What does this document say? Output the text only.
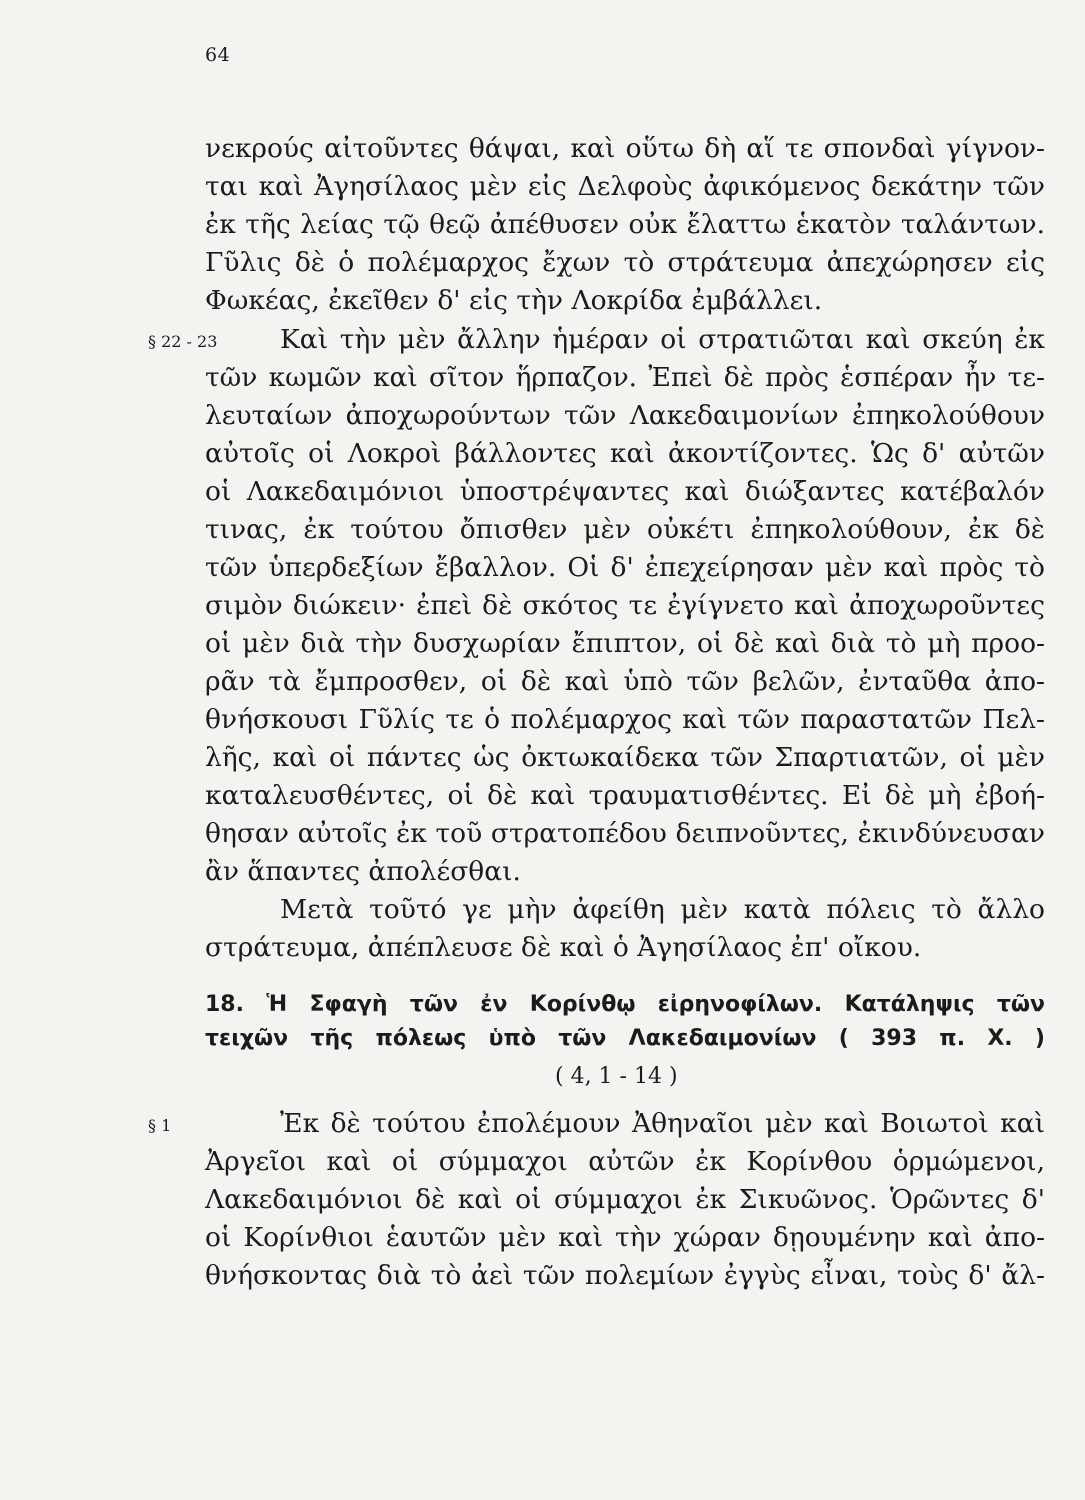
64
νεκρούς αἰτοῦντες θάψαι, καὶ οὕτω δὴ αἵ τε σπονδαὶ γίγνον-
ται καὶ Ἀγησίλαος μὲν εἰς Δελφοὺς ἀφικόμενος δεκάτην τῶν
ἐκ τῆς λείας τῷ θεῷ ἀπέθυσεν οὐκ ἔλαττω ἑκατὸν ταλάντων.
Γῦλις δὲ ὁ πολέμαρχος ἔχων τὸ στράτευμα ἀπεχώρησεν εἰς
Φωκέας, ἐκεῖθεν δ' εἰς τὴν Λοκρίδα ἐμβάλλει.
§ 22 - 23 Καὶ τὴν μὲν ἄλλην ἡμέραν οἱ στρατιῶται καὶ σκεύη ἐκ
τῶν κωμῶν καὶ σῖτον ἥρπαζον. Ἐπεὶ δὲ πρὸς ἑσπέραν ἦν τε-
λευταίων ἀποχωρούντων τῶν Λακεδαιμονίων ἐπηκολούθουν
αὐτοῖς οἱ Λοκροὶ βάλλοντες καὶ ἀκοντίζοντες. Ὡς δ' αὐτῶν
οἱ Λακεδαιμόνιοι ὑποστρέψαντες καὶ διώξαντες κατέβαλόν
τινας, ἐκ τούτου ὄπισθεν μὲν οὐκέτι ἐπηκολούθουν, ἐκ δὲ
τῶν ὑπερδεξίων ἔβαλλον. Οἱ δ' ἐπεχείρησαν μὲν καὶ πρὸς τὸ
σιμὸν διώκειν· ἐπεὶ δὲ σκότος τε ἐγίγνετο καὶ ἀποχωροῦντες
οἱ μὲν διὰ τὴν δυσχωρίαν ἔπιπτον, οἱ δὲ καὶ διὰ τὸ μὴ προο-
ρᾶν τὰ ἔμπροσθεν, οἱ δὲ καὶ ὑπὸ τῶν βελῶν, ἐνταῦθα ἀπο-
θνήσκουσι Γῦλίς τε ὁ πολέμαρχος καὶ τῶν παραστατῶν Πελ-
λῆς, καὶ οἱ πάντες ὡς ὀκτωκαίδεκα τῶν Σπαρτιατῶν, οἱ μὲν
καταλευσθέντες, οἱ δὲ καὶ τραυματισθέντες. Εἰ δὲ μὴ ἐβοή-
θησαν αὐτοῖς ἐκ τοῦ στρατοπέδου δειπνοῦντες, ἐκινδύνευσαν
ἂν ἅπαντες ἀπολέσθαι.
Μετὰ τοῦτό γε μὴν ἀφείθη μὲν κατὰ πόλεις τὸ ἄλλο
στράτευμα, ἀπέπλευσε δὲ καὶ ὁ Ἀγησίλαος ἐπ' οἴκου.
18. Ἡ Σφαγὴ τῶν ἐν Κορίνθῳ εἰρηνοφίλων. Κατάληψις τῶν
τειχῶν τῆς πόλεως ὑπὸ τῶν Λακεδαιμονίων ( 393 π. Χ. )
( 4, 1 - 14 )
§ 1	Ἐκ δὲ τούτου ἐπολέμουν Ἀθηναῖοι μὲν καὶ Βοιωτοὶ καὶ
Ἀργεῖοι καὶ οἱ σύμμαχοι αὐτῶν ἐκ Κορίνθου ὁρμώμενοι,
Λακεδαιμόνιοι δὲ καὶ οἱ σύμμαχοι ἐκ Σικυῶνος. Ὁρῶντες δ'
οἱ Κορίνθιοι ἑαυτῶν μὲν καὶ τὴν χώραν δῃουμένην καὶ ἀπο-
θνήσκοντας διὰ τὸ ἀεὶ τῶν πολεμίων ἐγγὺς εἶναι, τοὺς δ' ἄλ-
